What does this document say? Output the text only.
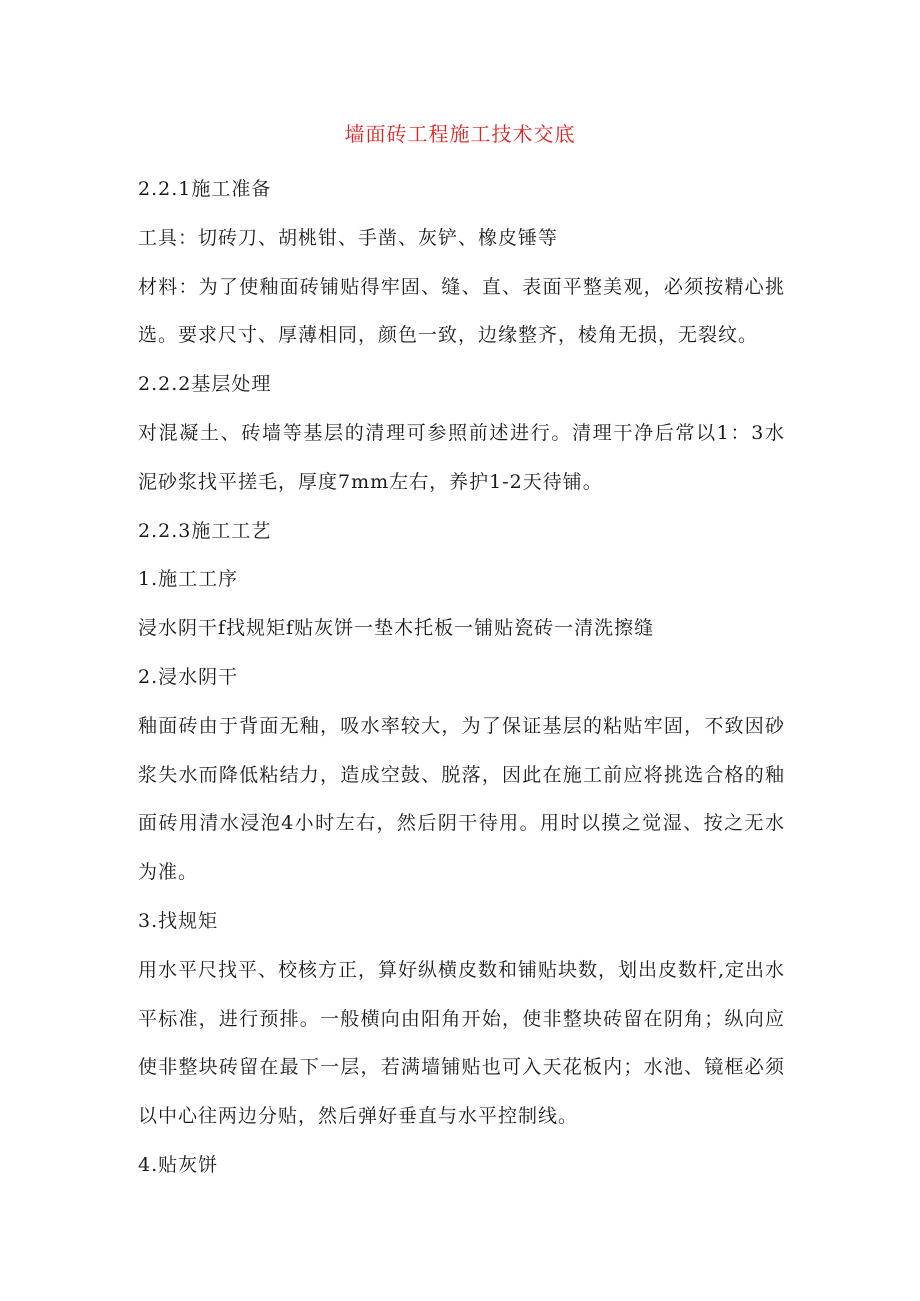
墙面砖工程施工技术交底

2.2.1施工准备

工具：切砖刀、胡桃钳、手凿、灰铲、橡皮锤等

材料：为了使釉面砖铺贴得牢固、缝、直、表面平整美观，必须按精心挑

选。要求尺寸、厚薄相同，颜色一致，边缘整齐，棱角无损，无裂纹。

2.2.2基层处理

对混凝土、砖墙等基层的清理可参照前述进行。清理干净后常以1：3水

泥砂浆找平搓毛，厚度7mm左右，养护1-2天待铺。

2.2.3施工工艺

1.施工工序

浸水阴干f找规矩f贴灰饼一垫木托板一铺贴瓷砖一清洗擦缝

2.浸水阴干

釉面砖由于背面无釉，吸水率较大，为了保证基层的粘贴牢固，不致因砂

浆失水而降低粘结力，造成空鼓、脱落，因此在施工前应将挑选合格的釉

面砖用清水浸泡4小时左右，然后阴干待用。用时以摸之觉湿、按之无水

为准。

3.找规矩

用水平尺找平、校核方正，算好纵横皮数和铺贴块数，划出皮数杆,定出水

平标准，进行预排。一般横向由阳角开始，使非整块砖留在阴角；纵向应

使非整块砖留在最下一层，若满墙铺贴也可入天花板内；水池、镜框必须

以中心往两边分贴，然后弹好垂直与水平控制线。

4.贴灰饼
